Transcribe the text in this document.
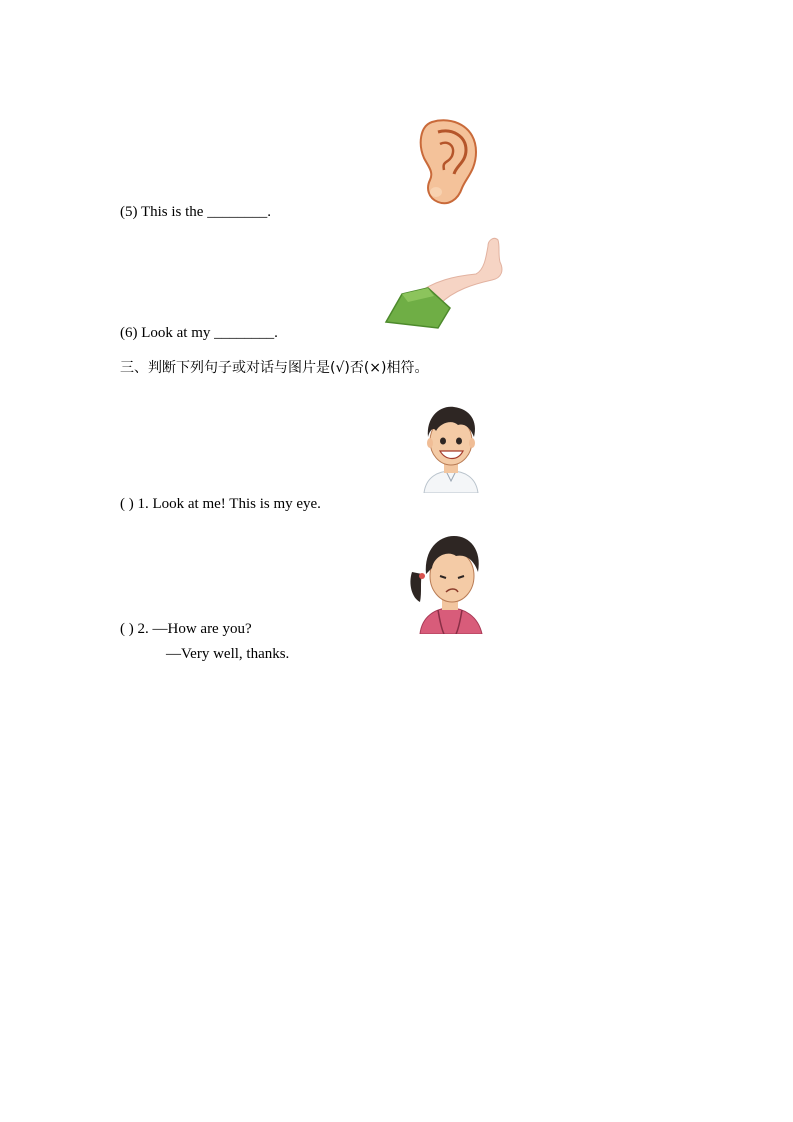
(5) This is the ________.
(6) Look at my ________.
三、判断下列句子或对话与图片是(√)否(×)相符。
( ) 1. Look at me! This is my eye.
( ) 2. —How are you?
—Very well, thanks.
